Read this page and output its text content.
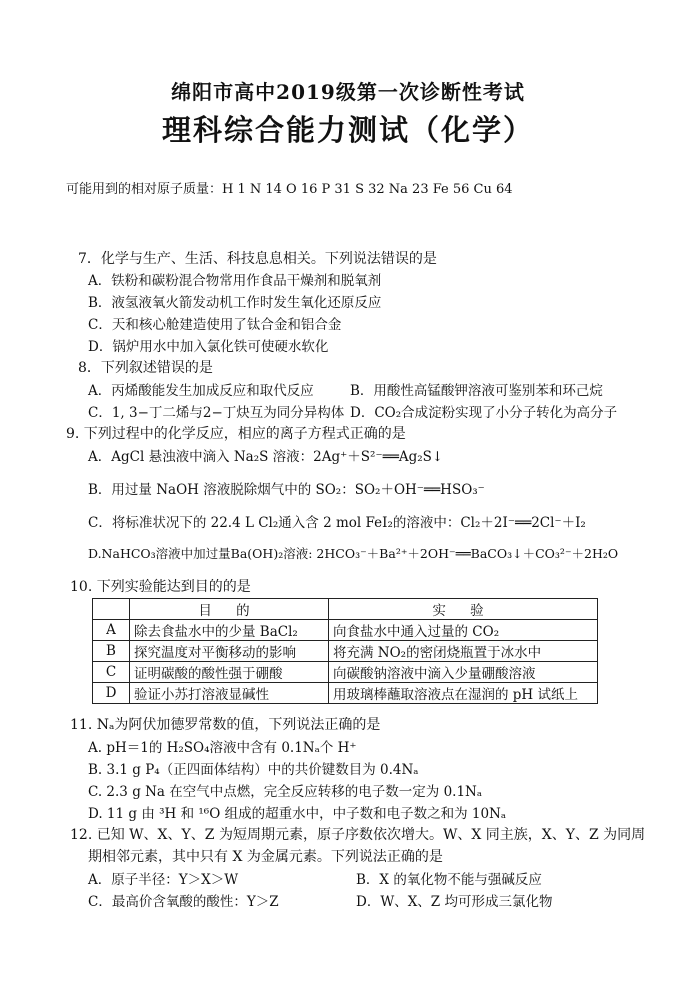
绵阳市高中2019级第一次诊断性考试
理科综合能力测试（化学）
可能用到的相对原子质量：H 1 N 14 O 16 P 31 S 32 Na 23 Fe 56 Cu 64
7．化学与生产、生活、科技息息相关。下列说法错误的是
A．铁粉和碳粉混合物常用作食品干燥剂和脱氧剂
B．液氢液氧火箭发动机工作时发生氧化还原反应
C．天和核心舱建造使用了钛合金和铝合金
D．锅炉用水中加入氯化铁可使硬水软化
8．下列叙述错误的是
A．丙烯酸能发生加成反应和取代反应	B．用酸性高锰酸钾溶液可鉴别苯和环己烷
C．1, 3−丁二烯与2−丁炔互为同分异构体 D．CO₂合成淀粉实现了小分子转化为高分子
9. 下列过程中的化学反应，相应的离子方程式正确的是
A．AgCl 悬浊液中滴入 Na₂S 溶液：2Ag⁺＋S²⁻══Ag₂S↓
B．用过量 NaOH 溶液脱除烟气中的 SO₂：SO₂＋OH⁻══HSO₃⁻
C．将标准状况下的 22.4 L Cl₂通入含 2 mol FeI₂的溶液中：Cl₂＋2I⁻══2Cl⁻＋I₂
D.NaHCO₃溶液中加过量Ba(OH)₂溶液: 2HCO₃⁻＋Ba²⁺＋2OH⁻══BaCO₃↓＋CO₃²⁻＋2H₂O
10. 下列实验能达到目的的是
	目 的	实 验
A	除去食盐水中的少量 BaCl₂	向食盐水中通入过量的 CO₂
B	探究温度对平衡移动的影响	将充满 NO₂的密闭烧瓶置于冰水中
C	证明碳酸的酸性强于硼酸	向碳酸钠溶液中滴入少量硼酸溶液
D	验证小苏打溶液显碱性	用玻璃棒蘸取溶液点在湿润的 pH 试纸上
11. Nₐ为阿伏加德罗常数的值，下列说法正确的是
A. pH＝1的 H₂SO₄溶液中含有 0.1Nₐ个 H⁺
B. 3.1 g P₄（正四面体结构）中的共价键数目为 0.4Nₐ
C. 2.3 g Na 在空气中点燃，完全反应转移的电子数一定为 0.1Nₐ
D. 11 g 由 ³H 和 ¹⁶O 组成的超重水中，中子数和电子数之和为 10Nₐ
12. 已知 W、X、Y、Z 为短周期元素，原子序数依次增大。W、X 同主族，X、Y、Z 为同周
期相邻元素，其中只有 X 为金属元素。下列说法正确的是
A．原子半径：Y＞X＞W	B．X 的氧化物不能与强碱反应
C．最高价含氧酸的酸性：Y＞Z	D．W、X、Z 均可形成三氯化物
